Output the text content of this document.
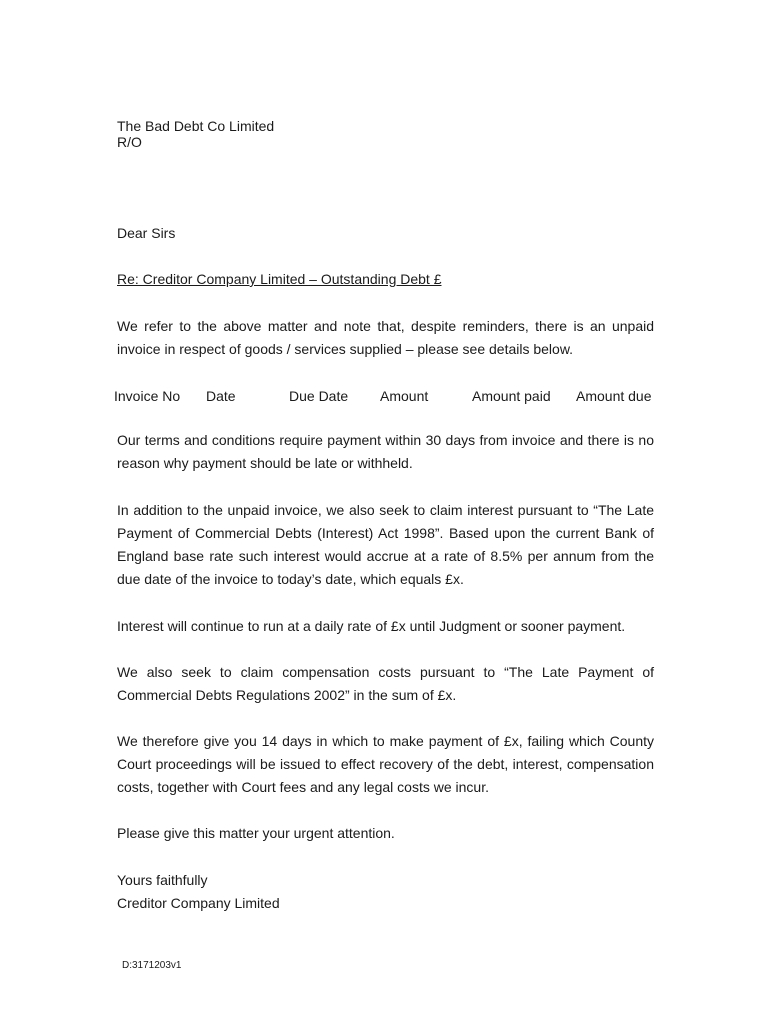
The Bad Debt Co Limited
R/O

Dear Sirs

Re: Creditor Company Limited – Outstanding Debt £

We refer to the above matter and note that, despite reminders, there is an unpaid invoice in respect of goods / services supplied – please see details below.

Invoice No Date	Due Date Amount	Amount paid Amount due

Our terms and conditions require payment within 30 days from invoice and there is no reason why payment should be late or withheld.

In addition to the unpaid invoice, we also seek to claim interest pursuant to “The Late Payment of Commercial Debts (Interest) Act 1998”. Based upon the current Bank of England base rate such interest would accrue at a rate of 8.5% per annum from the due date of the invoice to today’s date, which equals £x.

Interest will continue to run at a daily rate of £x until Judgment or sooner payment.

We also seek to claim compensation costs pursuant to “The Late Payment of Commercial Debts Regulations 2002” in the sum of £x.

We therefore give you 14 days in which to make payment of £x, failing which County Court proceedings will be issued to effect recovery of the debt, interest, compensation costs, together with Court fees and any legal costs we incur.

Please give this matter your urgent attention.

Yours faithfully

Creditor Company Limited

D:3171203v1
